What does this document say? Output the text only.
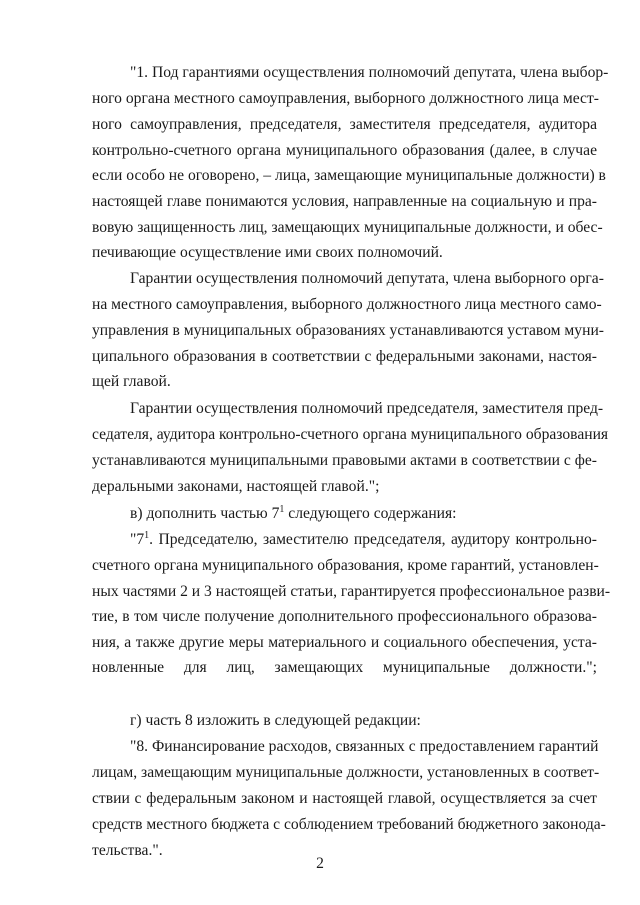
"1. Под гарантиями осуществления полномочий депутата, члена выбор-
ного органа местного самоуправления, выборного должностного лица мест-
ного самоуправления, председателя, заместителя председателя, аудитора
контрольно-счетного органа муниципального образования (далее, в случае
если особо не оговорено, – лица, замещающие муниципальные должности) в
настоящей главе понимаются условия, направленные на социальную и пра-
вовую защищенность лиц, замещающих муниципальные должности, и обес-
печивающие осуществление ими своих полномочий.
Гарантии осуществления полномочий депутата, члена выборного орга-
на местного самоуправления, выборного должностного лица местного само-
управления в муниципальных образованиях устанавливаются уставом муни-
ципального образования в соответствии с федеральными законами, настоя-
щей главой.
Гарантии осуществления полномочий председателя, заместителя пред-
седателя, аудитора контрольно-счетного органа муниципального образования
устанавливаются муниципальными правовыми актами в соответствии с фе-
деральными законами, настоящей главой.";
в) дополнить частью $7^1$ следующего содержания:
"$7^1$. Председателю, заместителю председателя, аудитору контрольно-
счетного органа муниципального образования, кроме гарантий, установлен-
ных частями 2 и 3 настоящей статьи, гарантируется профессиональное разви-
тие, в том числе получение дополнительного профессионального образова-
ния, а также другие меры материального и социального обеспечения, уста-
новленные для лиц, замещающих муниципальные должности.";
г) часть 8 изложить в следующей редакции:
"8. Финансирование расходов, связанных с предоставлением гарантий
лицам, замещающим муниципальные должности, установленных в соответ-
ствии с федеральным законом и настоящей главой, осуществляется за счет
средств местного бюджета с соблюдением требований бюджетного законода-
тельства.".
2
